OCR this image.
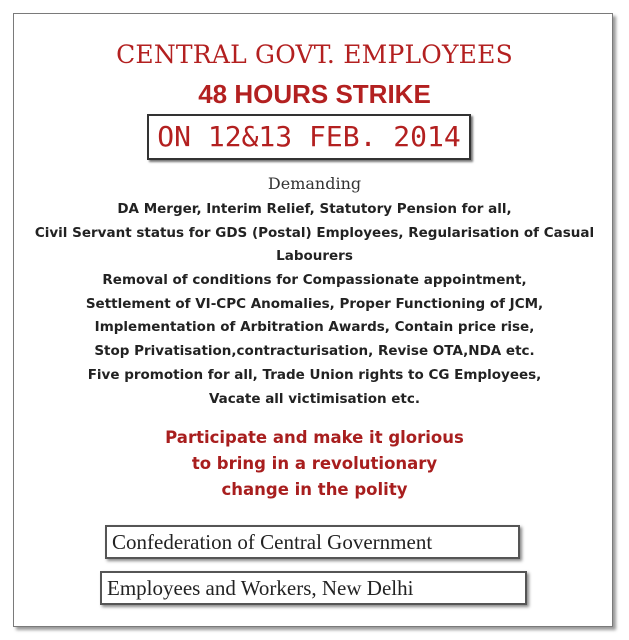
CENTRAL GOVT. EMPLOYEES
48 HOURS STRIKE
ON 12&13 FEB. 2014
Demanding
DA Merger, Interim Relief, Statutory Pension for all,
Civil Servant status for GDS (Postal) Employees, Regularisation of Casual
Labourers
Removal of conditions for Compassionate appointment,
Settlement of VI-CPC Anomalies, Proper Functioning of JCM,
Implementation of Arbitration Awards, Contain price rise,
Stop Privatisation,contracturisation, Revise OTA,NDA etc.
Five promotion for all, Trade Union rights to CG Employees,
Vacate all victimisation etc.
Participate and make it glorious
to bring in a revolutionary
change in the polity
Confederation of Central Government
Employees and Workers, New Delhi
